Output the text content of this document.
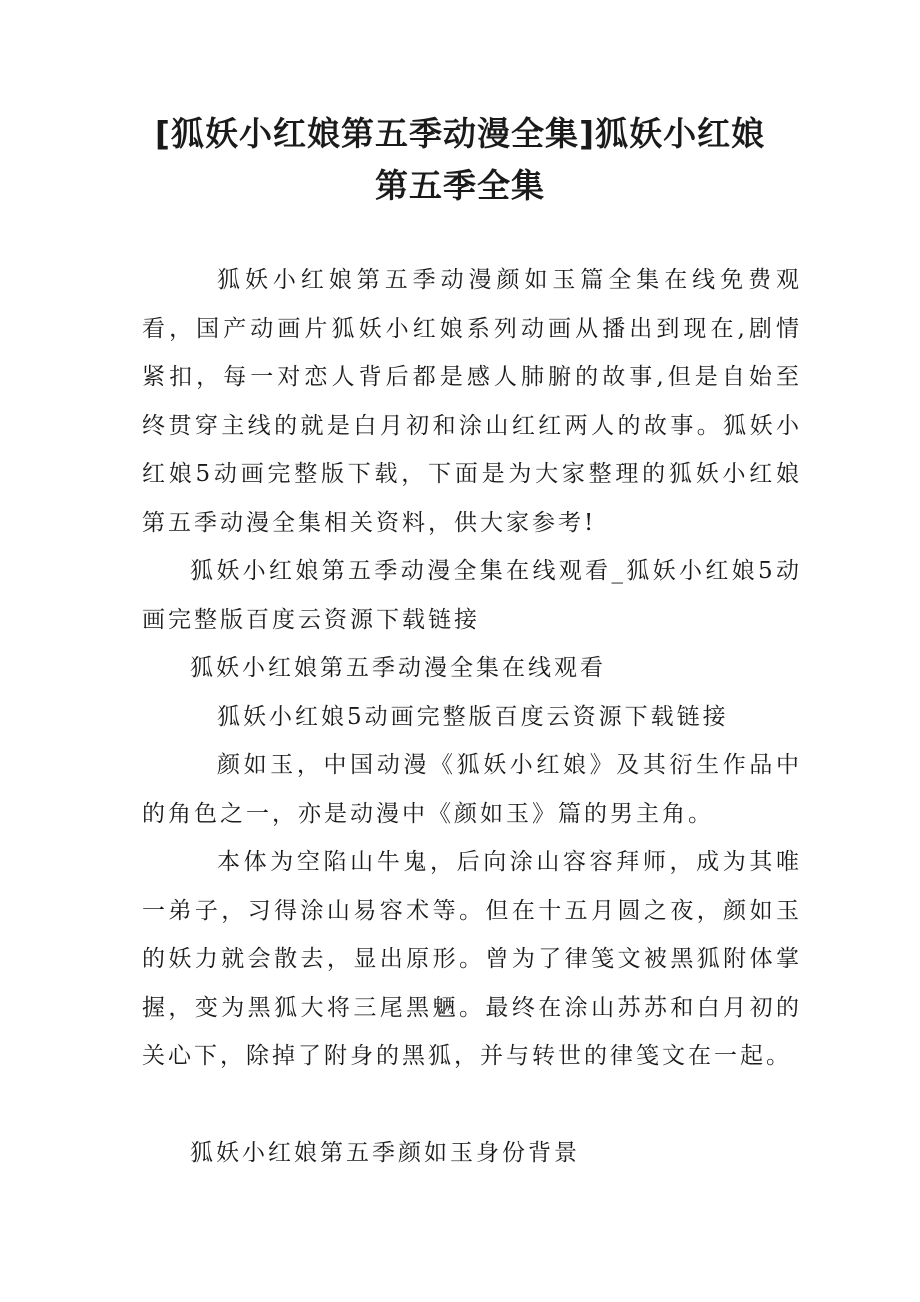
[狐妖小红娘第五季动漫全集]狐妖小红娘
第五季全集

狐妖小红娘第五季动漫颜如玉篇全集在线免费观看，国产动画片狐妖小红娘系列动画从播出到现在,剧情紧扣，每一对恋人背后都是感人肺腑的故事,但是自始至终贯穿主线的就是白月初和涂山红红两人的故事。狐妖小红娘5动画完整版下载，下面是为大家整理的狐妖小红娘第五季动漫全集相关资料，供大家参考!

狐妖小红娘第五季动漫全集在线观看_狐妖小红娘5动画完整版百度云资源下载链接

狐妖小红娘第五季动漫全集在线观看

狐妖小红娘5动画完整版百度云资源下载链接

颜如玉，中国动漫《狐妖小红娘》及其衍生作品中的角色之一，亦是动漫中《颜如玉》篇的男主角。

本体为空陷山牛鬼，后向涂山容容拜师，成为其唯一弟子，习得涂山易容术等。但在十五月圆之夜，颜如玉的妖力就会散去，显出原形。曾为了律笺文被黑狐附体掌握，变为黑狐大将三尾黑魉。最终在涂山苏苏和白月初的关心下，除掉了附身的黑狐，并与转世的律笺文在一起。

狐妖小红娘第五季颜如玉身份背景
